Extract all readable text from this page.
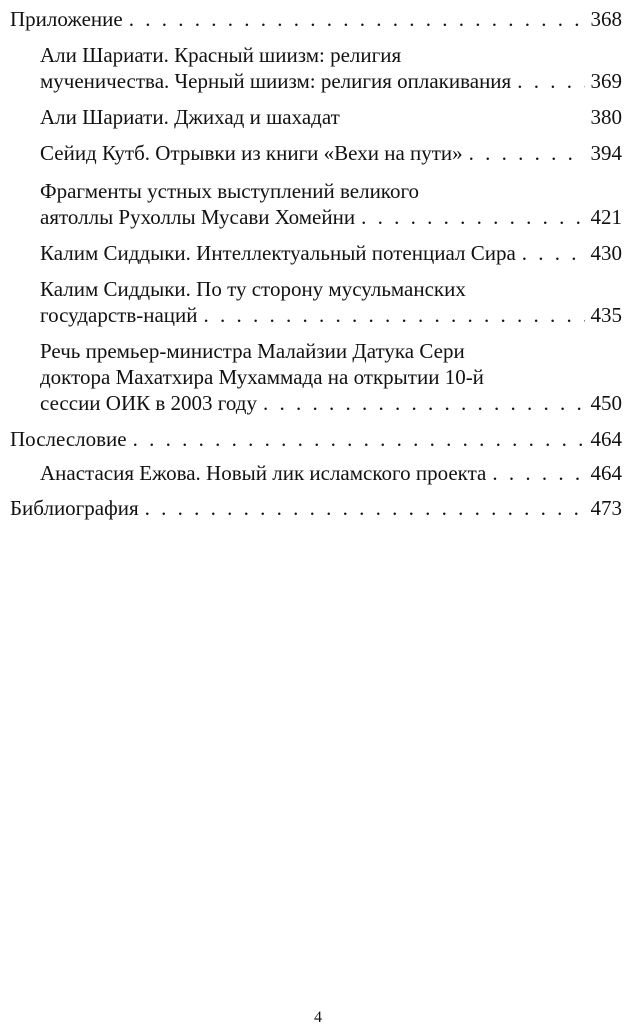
Приложение . . .	368
Али Шариати. Красный шиизм: религия
мученичества. Черный шиизм: религия оплакивания . . .	369
Али Шариати. Джихад и шахадат	380
Сейид Кутб. Отрывки из книги «Вехи на пути» . . .	394
Фрагменты устных выступлений великого
аятоллы Рухоллы Мусави Хомейни . . .	421
Калим Сиддыки. Интеллектуальный потенциал Сира . . .	430
Калим Сиддыки. По ту сторону мусульманских
государств-наций . . .	435
Речь премьер-министра Малайзии Датука Сери
доктора Махатхира Мухаммада на открытии 10-й
сессии ОИК в 2003 году . . .	450
Послесловие . . .	464
Анастасия Ежова. Новый лик исламского проекта . . .	464
Библиография . . .	473
4
